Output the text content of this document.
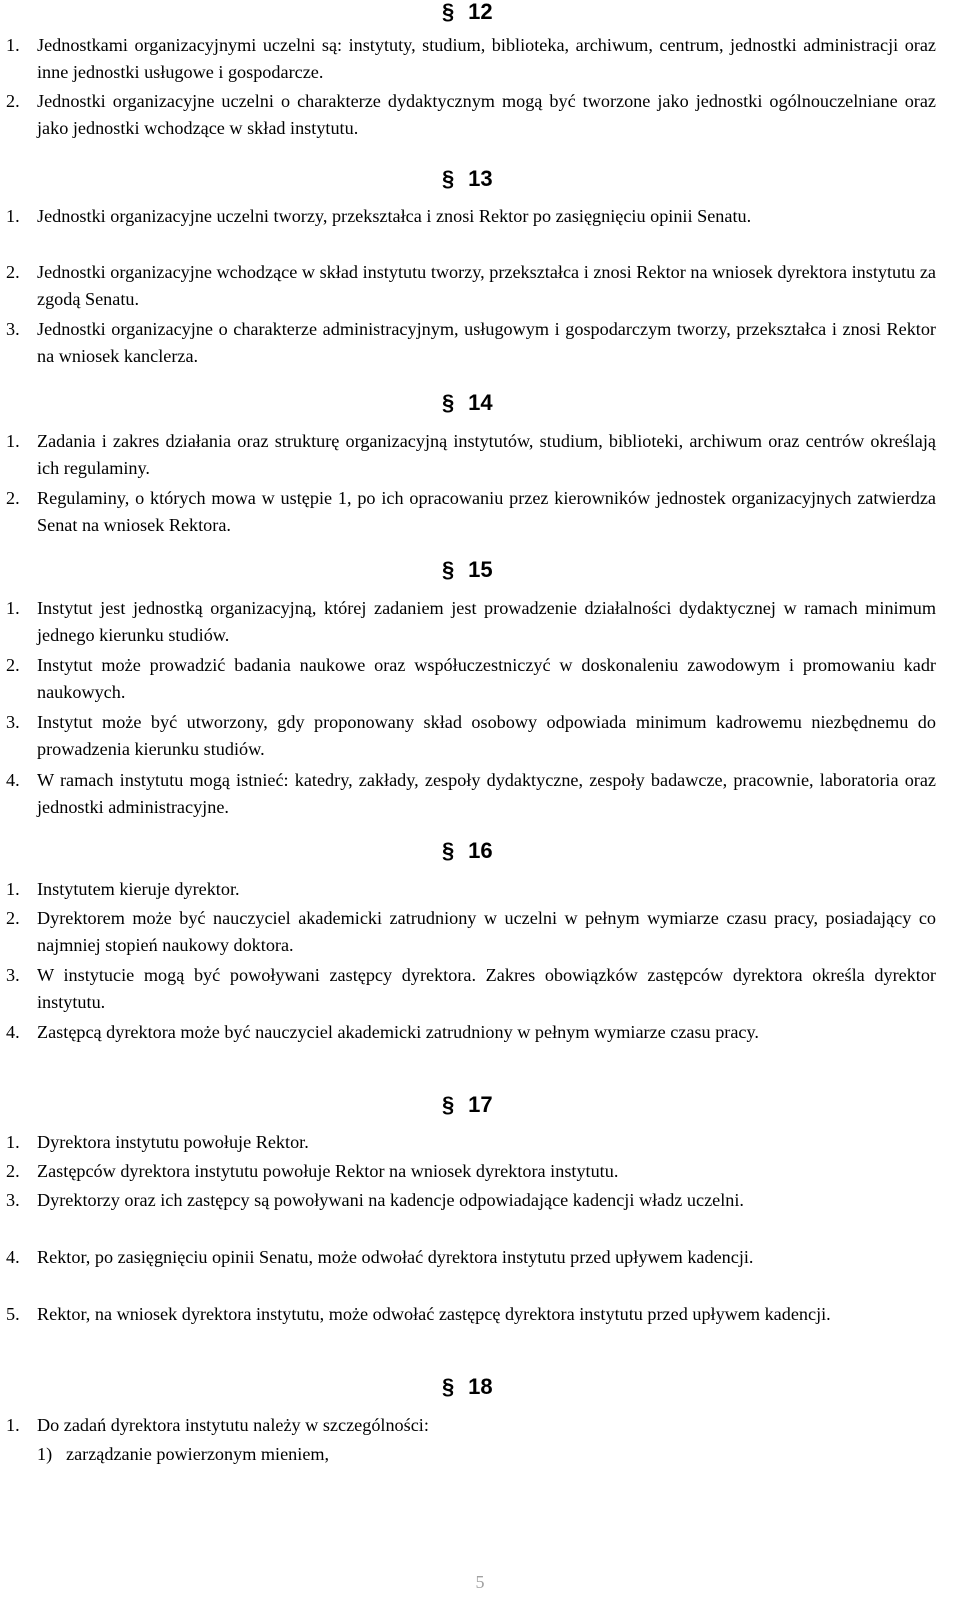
§ 12
1. Jednostkami organizacyjnymi uczelni są: instytuty, studium, biblioteka, archiwum, centrum, jednostki administracji oraz inne jednostki usługowe i gospodarcze.
2. Jednostki organizacyjne uczelni o charakterze dydaktycznym mogą być tworzone jako jednostki ogólnouczelniane oraz jako jednostki wchodzące w skład instytutu.
§ 13
1. Jednostki organizacyjne uczelni tworzy, przekształca i znosi Rektor po zasięgnięciu opinii Senatu.
2. Jednostki organizacyjne wchodzące w skład instytutu tworzy, przekształca i znosi Rektor na wniosek dyrektora instytutu za zgodą Senatu.
3. Jednostki organizacyjne o charakterze administracyjnym, usługowym i gospodarczym tworzy, przekształca i znosi Rektor na wniosek kanclerza.
§ 14
1. Zadania i zakres działania oraz strukturę organizacyjną instytutów, studium, biblioteki, archiwum oraz centrów określają ich regulaminy.
2. Regulaminy, o których mowa w ustępie 1, po ich opracowaniu przez kierowników jednostek organizacyjnych zatwierdza Senat na wniosek Rektora.
§ 15
1. Instytut jest jednostką organizacyjną, której zadaniem jest prowadzenie działalności dydaktycznej w ramach minimum jednego kierunku studiów.
2. Instytut może prowadzić badania naukowe oraz współuczestniczyć w doskonaleniu zawodowym i promowaniu kadr naukowych.
3. Instytut może być utworzony, gdy proponowany skład osobowy odpowiada minimum kadrowemu niezbędnemu do prowadzenia kierunku studiów.
4. W ramach instytutu mogą istnieć: katedry, zakłady, zespoły dydaktyczne, zespoły badawcze, pracownie, laboratoria oraz jednostki administracyjne.
§ 16
1. Instytutem kieruje dyrektor.
2. Dyrektorem może być nauczyciel akademicki zatrudniony w uczelni w pełnym wymiarze czasu pracy, posiadający co najmniej stopień naukowy doktora.
3. W instytucie mogą być powoływani zastępcy dyrektora. Zakres obowiązków zastępców dyrektora określa dyrektor instytutu.
4. Zastępcą dyrektora może być nauczyciel akademicki zatrudniony w pełnym wymiarze czasu pracy.
§ 17
1. Dyrektora instytutu powołuje Rektor.
2. Zastępców dyrektora instytutu powołuje Rektor na wniosek dyrektora instytutu.
3. Dyrektorzy oraz ich zastępcy są powoływani na kadencje odpowiadające kadencji władz uczelni.
4. Rektor, po zasięgnięciu opinii Senatu, może odwołać dyrektora instytutu przed upływem kadencji.
5. Rektor, na wniosek dyrektora instytutu, może odwołać zastępcę dyrektora instytutu przed upływem kadencji.
§ 18
1. Do zadań dyrektora instytutu należy w szczególności:
1) zarządzanie powierzonym mieniem,
5
